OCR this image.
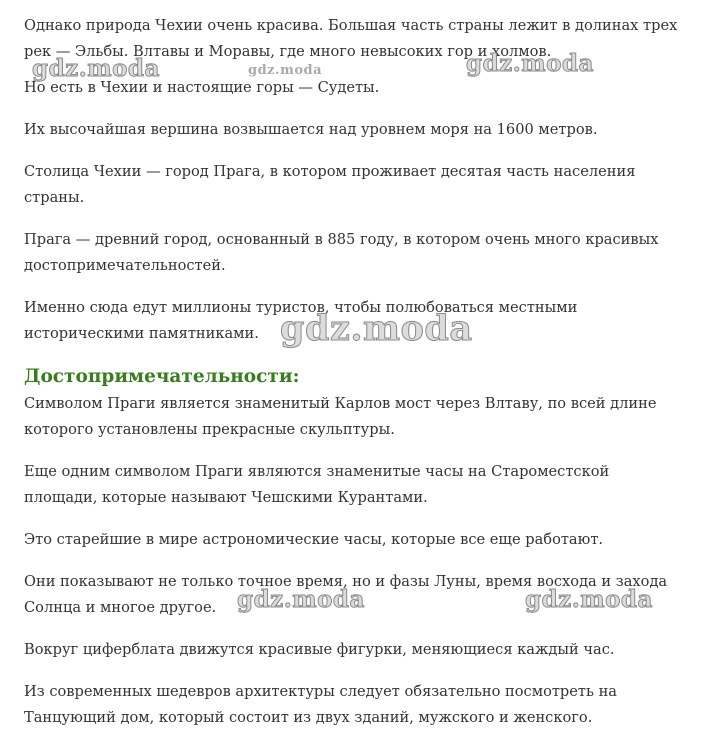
Однако природа Чехии очень красива. Большая часть страны лежит в долинах трех рек — Эльбы. Влтавы и Моравы, где много невысоких гор и холмов.

Но есть в Чехии и настоящие горы — Судеты.

Их высочайшая вершина возвышается над уровнем моря на 1600 метров.

Столица Чехии — город Прага, в котором проживает десятая часть населения страны.

Прага — древний город, основанный в 885 году, в котором очень много красивых достопримечательностей.

Именно сюда едут миллионы туристов, чтобы полюбоваться местными историческими памятниками.

Достопримечательности:

Символом Праги является знаменитый Карлов мост через Влтаву, по всей длине которого установлены прекрасные скульптуры.

Еще одним символом Праги являются знаменитые часы на Староместской площади, которые называют Чешскими Курантами.

Это старейшие в мире астрономические часы, которые все еще работают.

Они показывают не только точное время, но и фазы Луны, время восхода и захода Солнца и многое другое.

Вокруг циферблата движутся красивые фигурки, меняющиеся каждый час.

Из современных шедевров архитектуры следует обязательно посмотреть на Танцующий дом, который состоит из двух зданий, мужского и женского.

gdz.moda	gdz.moda	gdz.moda
gdz.moda
gdz.moda	gdz.moda
